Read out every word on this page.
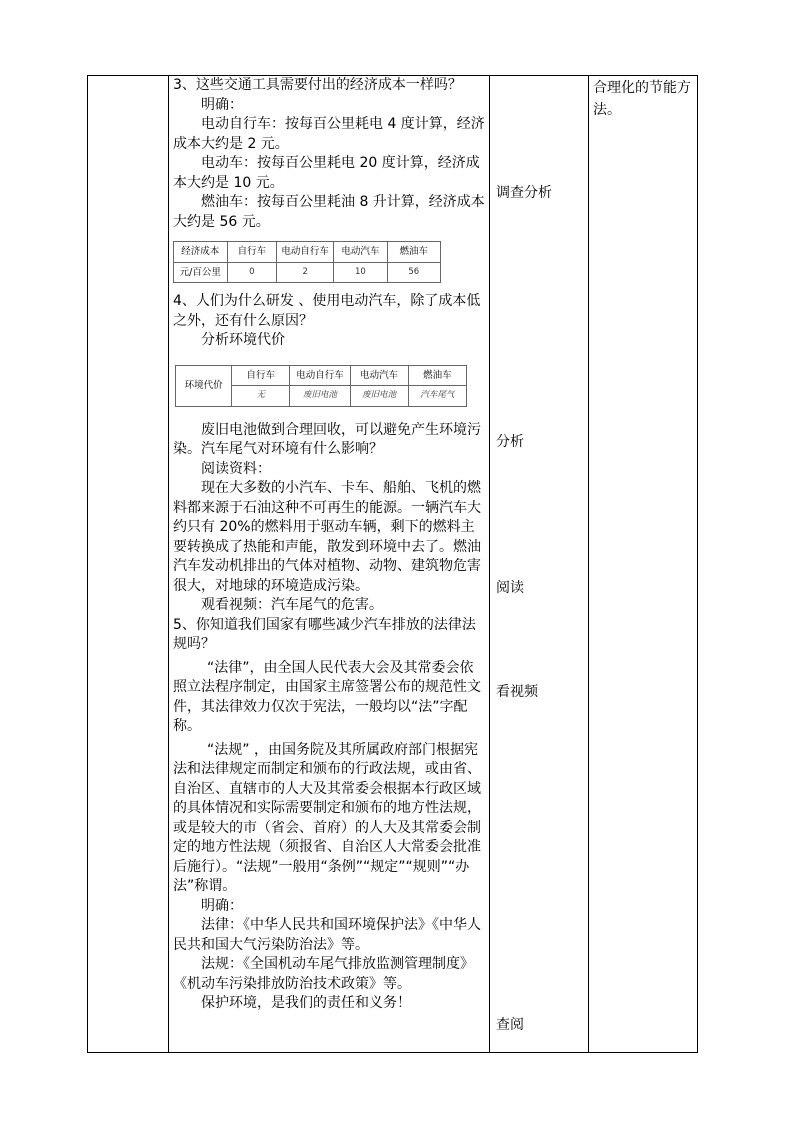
3、这些交通工具需要付出的经济成本一样吗？

明确：

电动自行车：按每百公里耗电 4 度计算，经济成本大约是 2 元。

电动车：按每百公里耗电 20 度计算，经济成本大约是 10 元。

燃油车：按每百公里耗油 8 升计算，经济成本大约是 56 元。

经济成本	自行车	电动自行车	电动汽车	燃油车
元/百公里	0	2	10	56

4、人们为什么研发 、使用电动汽车，除了成本低之外，还有什么原因？

分析环境代价

环境代价	自行车	电动自行车	电动汽车	燃油车
	无	废旧电池	废旧电池	汽车尾气

废旧电池做到合理回收，可以避免产生环境污染。汽车尾气对环境有什么影响？

阅读资料：

现在大多数的小汽车、卡车、船舶、飞机的燃料都来源于石油这种不可再生的能源。一辆汽车大约只有 20%的燃料用于驱动车辆，剩下的燃料主要转换成了热能和声能，散发到环境中去了。燃油汽车发动机排出的气体对植物、动物、建筑物危害很大，对地球的环境造成污染。

观看视频：汽车尾气的危害。

5、你知道我们国家有哪些减少汽车排放的法律法规吗？

“法律”，由全国人民代表大会及其常委会依照立法程序制定，由国家主席签署公布的规范性文件，其法律效力仅次于宪法，一般均以“法”字配称。

“法规” ，由国务院及其所属政府部门根据宪法和法律规定而制定和颁布的行政法规，或由省、自治区、直辖市的人大及其常委会根据本行政区域的具体情况和实际需要制定和颁布的地方性法规，或是较大的市（省会、首府）的人大及其常委会制定的地方性法规（须报省、自治区人大常委会批准后施行）。“法规”一般用“条例”“规定”“规则”“办法”称谓。

明确：

法律：《中华人民共和国环境保护法》《中华人民共和国大气污染防治法》等。

法规：《全国机动车尾气排放监测管理制度》《机动车污染排放防治技术政策》等。

保护环境，是我们的责任和义务！

调查分析
分析
阅读
看视频
查阅
合理化的节能方法。
